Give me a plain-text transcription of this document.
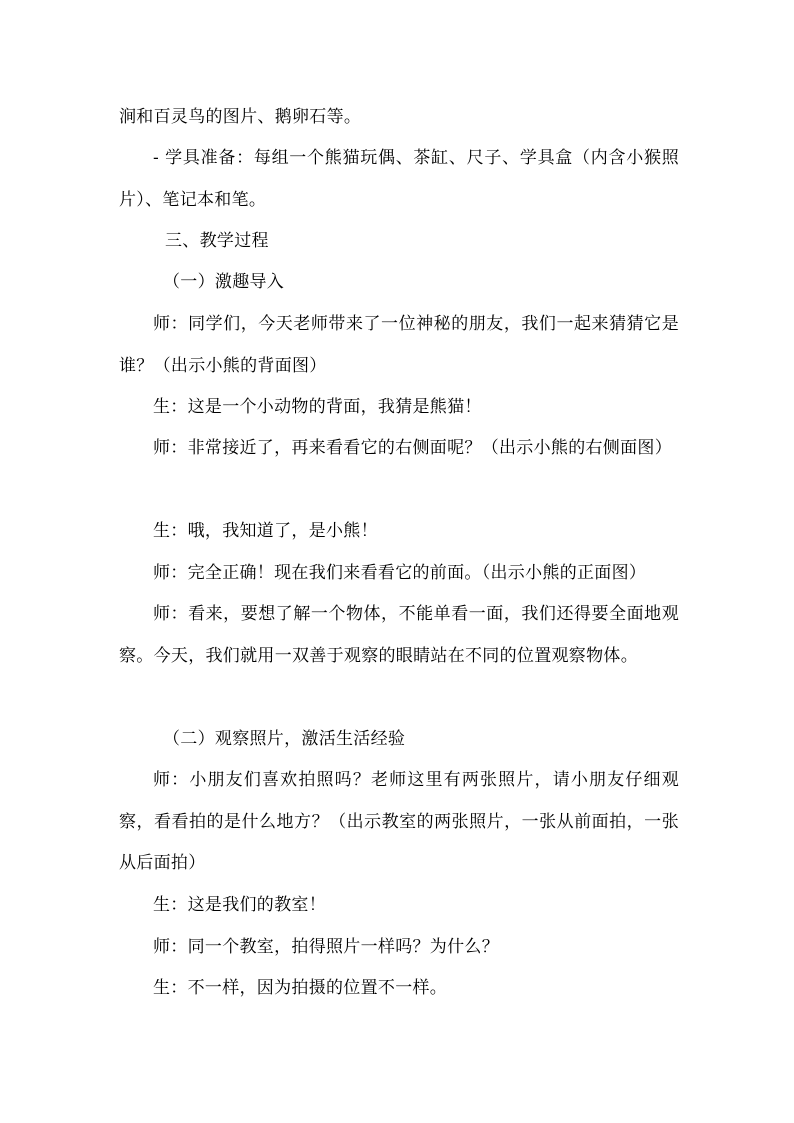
涧和百灵鸟的图片、鹅卵石等。

- 学具准备：每组一个熊猫玩偶、茶缸、尺子、学具盒（内含小猴照片）、笔记本和笔。

三、教学过程

（一）激趣导入

师：同学们，今天老师带来了一位神秘的朋友，我们一起来猜猜它是谁？（出示小熊的背面图）

生：这是一个小动物的背面，我猜是熊猫！

师：非常接近了，再来看看它的右侧面呢？（出示小熊的右侧面图）

生：哦，我知道了，是小熊！

师：完全正确！现在我们来看看它的前面。（出示小熊的正面图）

师：看来，要想了解一个物体，不能单看一面，我们还得要全面地观察。今天，我们就用一双善于观察的眼睛站在不同的位置观察物体。

（二）观察照片，激活生活经验

师：小朋友们喜欢拍照吗？老师这里有两张照片，请小朋友仔细观察，看看拍的是什么地方？（出示教室的两张照片，一张从前面拍，一张从后面拍）

生：这是我们的教室！

师：同一个教室，拍得照片一样吗？为什么？

生：不一样，因为拍摄的位置不一样。
